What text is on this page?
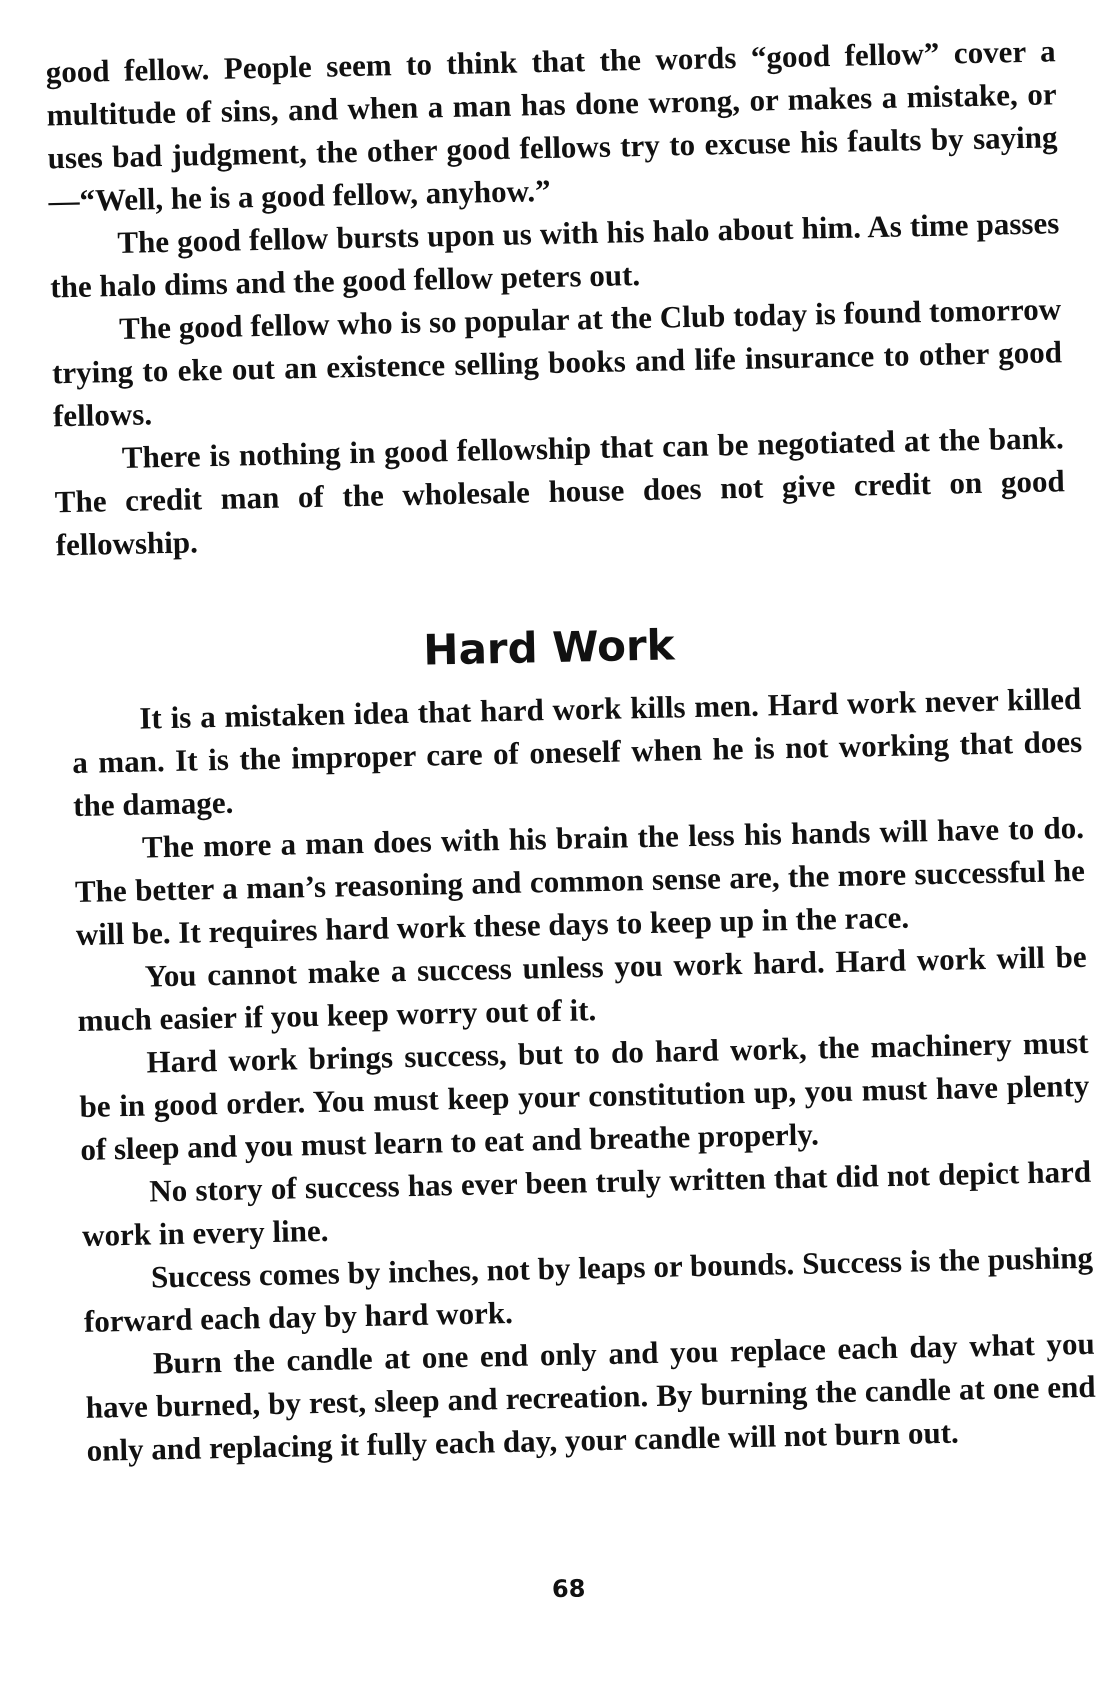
good fellow. People seem to think that the words “good fellow” cover a multitude of sins, and when a man has done wrong, or makes a mistake, or uses bad judgment, the other good fellows try to excuse his faults by saying—“Well, he is a good fellow, anyhow.”

The good fellow bursts upon us with his halo about him. As time passes the halo dims and the good fellow peters out.

The good fellow who is so popular at the Club today is found tomorrow trying to eke out an existence selling books and life insurance to other good fellows.

There is nothing in good fellowship that can be negotiated at the bank. The credit man of the wholesale house does not give credit on good fellowship.

Hard Work

It is a mistaken idea that hard work kills men. Hard work never killed a man. It is the improper care of oneself when he is not working that does the damage.

The more a man does with his brain the less his hands will have to do. The better a man’s reasoning and common sense are, the more successful he will be. It requires hard work these days to keep up in the race.

You cannot make a success unless you work hard. Hard work will be much easier if you keep worry out of it.

Hard work brings success, but to do hard work, the machinery must be in good order. You must keep your constitution up, you must have plenty of sleep and you must learn to eat and breathe properly.

No story of success has ever been truly written that did not depict hard work in every line.

Success comes by inches, not by leaps or bounds. Success is the pushing forward each day by hard work.

Burn the candle at one end only and you replace each day what you have burned, by rest, sleep and recreation. By burning the candle at one end only and replacing it fully each day, your candle will not burn out.

68
